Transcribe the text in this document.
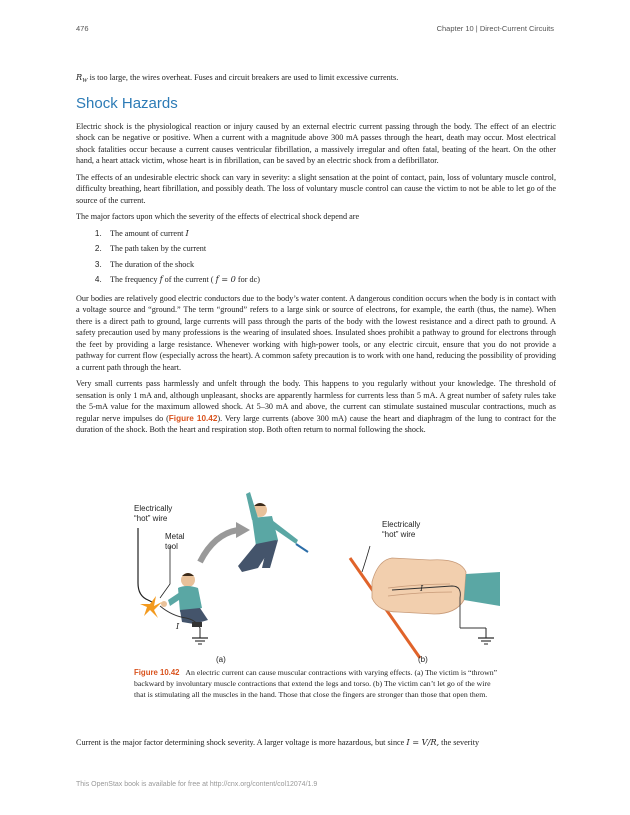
476	Chapter 10 | Direct-Current Circuits

$R_W$ is too large, the wires overheat. Fuses and circuit breakers are used to limit excessive currents.

Shock Hazards

Electric shock is the physiological reaction or injury caused by an external electric current passing through the body. The effect of an electric shock can be negative or positive. When a current with a magnitude above 300 mA passes through the heart, death may occur. Most electrical shock fatalities occur because a current causes ventricular fibrillation, a massively irregular and often fatal, beating of the heart. On the other hand, a heart attack victim, whose heart is in fibrillation, can be saved by an electric shock from a defibrillator.

The effects of an undesirable electric shock can vary in severity: a slight sensation at the point of contact, pain, loss of voluntary muscle control, difficulty breathing, heart fibrillation, and possibly death. The loss of voluntary muscle control can cause the victim to not be able to let go of the source of the current.

The major factors upon which the severity of the effects of electrical shock depend are

1. The amount of current I
2. The path taken by the current
3. The duration of the shock
4. The frequency f of the current ( f = 0 for dc)

Our bodies are relatively good electric conductors due to the body’s water content. A dangerous condition occurs when the body is in contact with a voltage source and “ground.” The term “ground” refers to a large sink or source of electrons, for example, the earth (thus, the name). When there is a direct path to ground, large currents will pass through the parts of the body with the lowest resistance and a direct path to ground. A safety precaution used by many professions is the wearing of insulated shoes. Insulated shoes prohibit a pathway to ground for electrons through the feet by providing a large resistance. Whenever working with high-power tools, or any electric circuit, ensure that you do not provide a pathway for current flow (especially across the heart). A common safety precaution is to work with one hand, reducing the possibility of providing a current path through the heart.

Very small currents pass harmlessly and unfelt through the body. This happens to you regularly without your knowledge. The threshold of sensation is only 1 mA and, although unpleasant, shocks are apparently harmless for currents less than 5 mA. A great number of safety rules take the 5-mA value for the maximum allowed shock. At 5–30 mA and above, the current can stimulate sustained muscular contractions, much as regular nerve impulses do (Figure 10.42). Very large currents (above 300 mA) cause the heart and diaphragm of the lung to contract for the duration of the shock. Both the heart and respiration stop. Both often return to normal following the shock.

Electrically
“hot” wire
Metal
tool
Electrically
“hot” wire
I
I
(a)	(b)
Figure 10.42 An electric current can cause muscular contractions with varying effects. (a) The victim is “thrown” backward by involuntary muscle contractions that extend the legs and torso. (b) The victim can’t let go of the wire that is stimulating all the muscles in the hand. Those that close the fingers are stronger than those that open them.
Current is the major factor determining shock severity. A larger voltage is more hazardous, but since I = V/R, the severity
This OpenStax book is available for free at http://cnx.org/content/col12074/1.9
